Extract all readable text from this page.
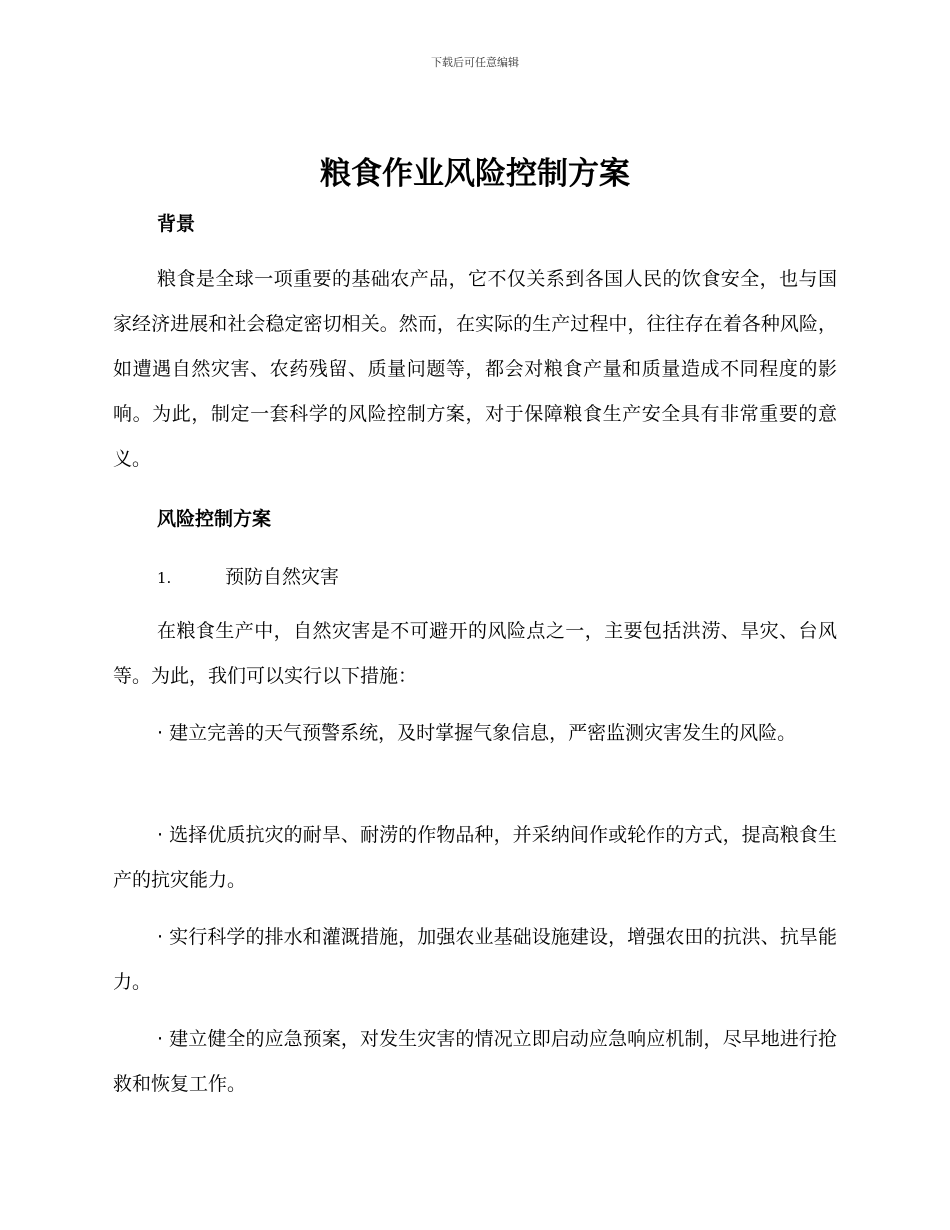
下载后可任意编辑
粮食作业风险控制方案
背景
粮食是全球一项重要的基础农产品，它不仅关系到各国人民的饮食安全，也与国家经济进展和社会稳定密切相关。然而，在实际的生产过程中，往往存在着各种风险，如遭遇自然灾害、农药残留、质量问题等，都会对粮食产量和质量造成不同程度的影响。为此，制定一套科学的风险控制方案，对于保障粮食生产安全具有非常重要的意义。
风险控制方案
1.	预防自然灾害
在粮食生产中，自然灾害是不可避开的风险点之一，主要包括洪涝、旱灾、台风等。为此，我们可以实行以下措施：
· 建立完善的天气预警系统，及时掌握气象信息，严密监测灾害发生的风险。
· 选择优质抗灾的耐旱、耐涝的作物品种，并采纳间作或轮作的方式，提高粮食生产的抗灾能力。
· 实行科学的排水和灌溉措施，加强农业基础设施建设，增强农田的抗洪、抗旱能力。
· 建立健全的应急预案，对发生灾害的情况立即启动应急响应机制，尽早地进行抢救和恢复工作。
